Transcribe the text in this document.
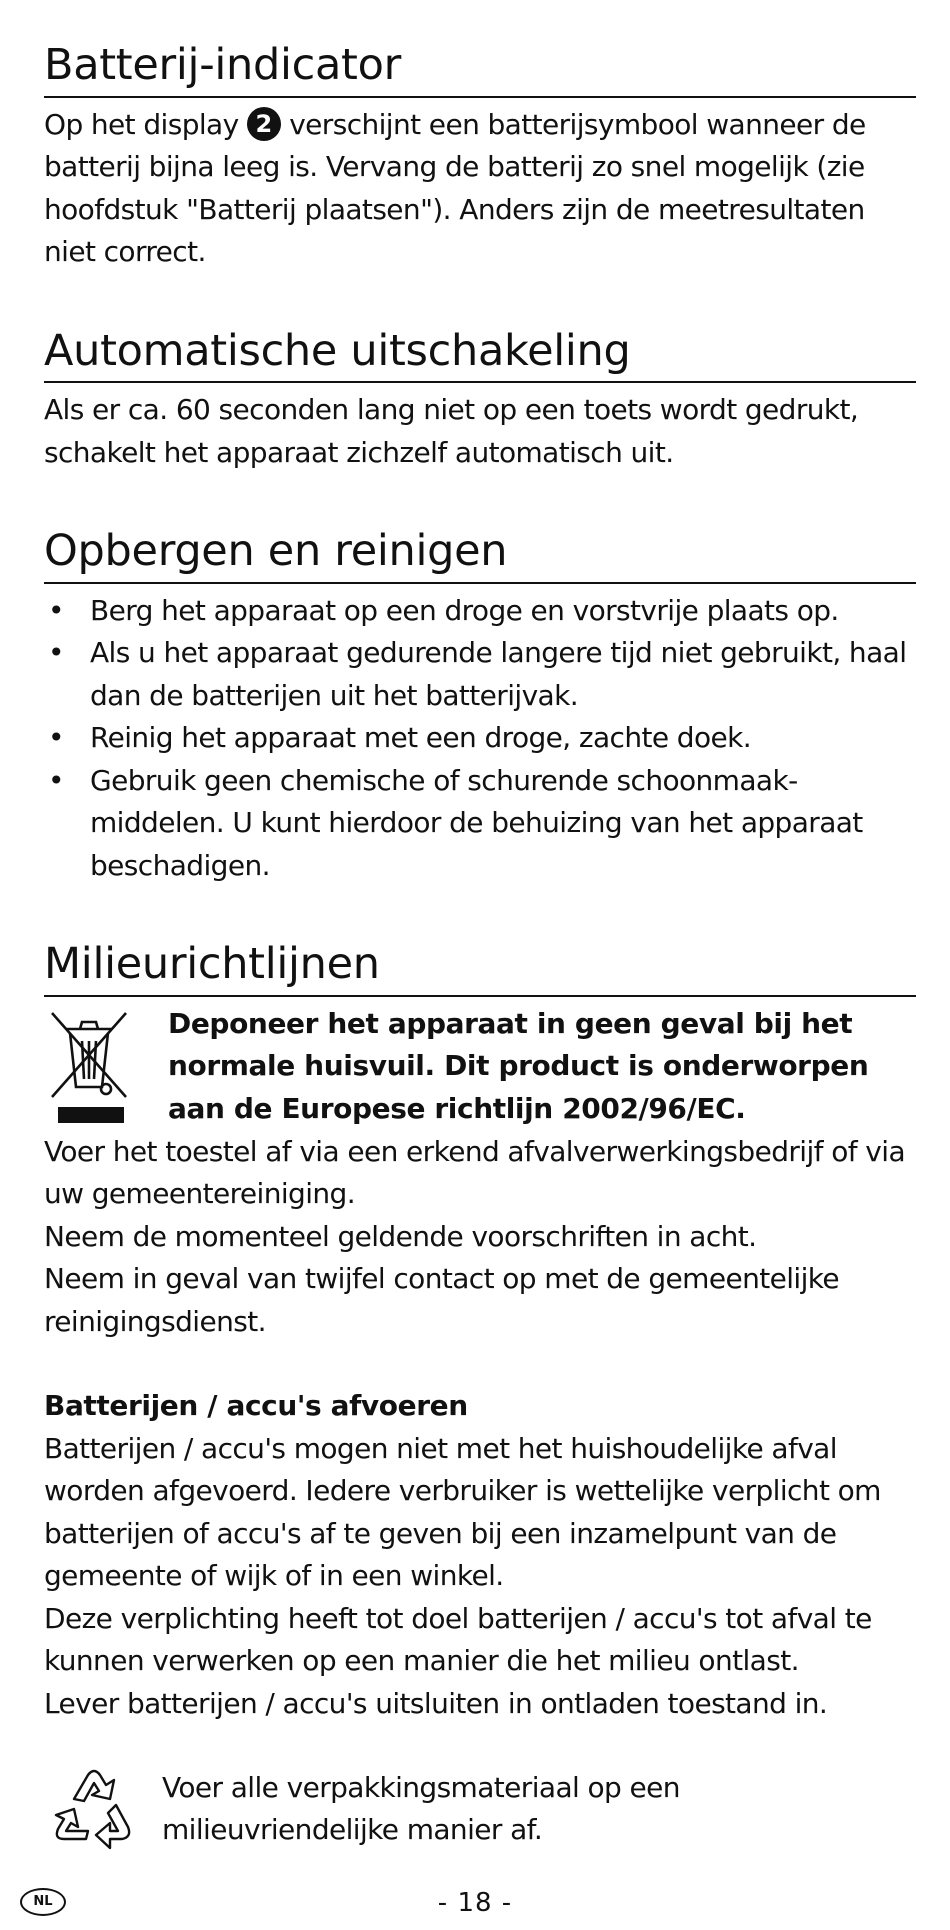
Batterij-indicator

Op het display 2 verschijnt een batterijsymbool wanneer de batterij bijna leeg is. Vervang de batterij zo snel mogelijk (zie hoofdstuk "Batterij plaatsen"). Anders zijn de meetresultaten niet correct.

Automatische uitschakeling

Als er ca. 60 seconden lang niet op een toets wordt gedrukt, schakelt het apparaat zichzelf automatisch uit.

Opbergen en reinigen
• Berg het apparaat op een droge en vorstvrije plaats op.
• Als u het apparaat gedurende langere tijd niet gebruikt, haal dan de batterijen uit het batterijvak.
• Reinig het apparaat met een droge, zachte doek.
• Gebruik geen chemische of schurende schoonmaak-middelen. U kunt hierdoor de behuizing van het apparaat beschadigen.
Milieurichtlijnen
Deponeer het apparaat in geen geval bij het normale huisvuil. Dit product is onderworpen aan de Europese richtlijn 2002/96/EC.

Voer het toestel af via een erkend afvalverwerkingsbedrijf of via uw gemeentereiniging.

Neem de momenteel geldende voorschriften in acht.

Neem in geval van twijfel contact op met de gemeentelijke reinigingsdienst.

Batterijen / accu's afvoeren

Batterijen / accu's mogen niet met het huishoudelijke afval worden afgevoerd. Iedere verbruiker is wettelijke verplicht om batterijen of accu's af te geven bij een inzamelpunt van de gemeente of wijk of in een winkel.

Deze verplichting heeft tot doel batterijen / accu's tot afval te kunnen verwerken op een manier die het milieu ontlast.

Lever batterijen / accu's uitsluiten in ontladen toestand in.

Voer alle verpakkingsmateriaal op een milieuvriendelijke manier af.

NL	- 18 -
